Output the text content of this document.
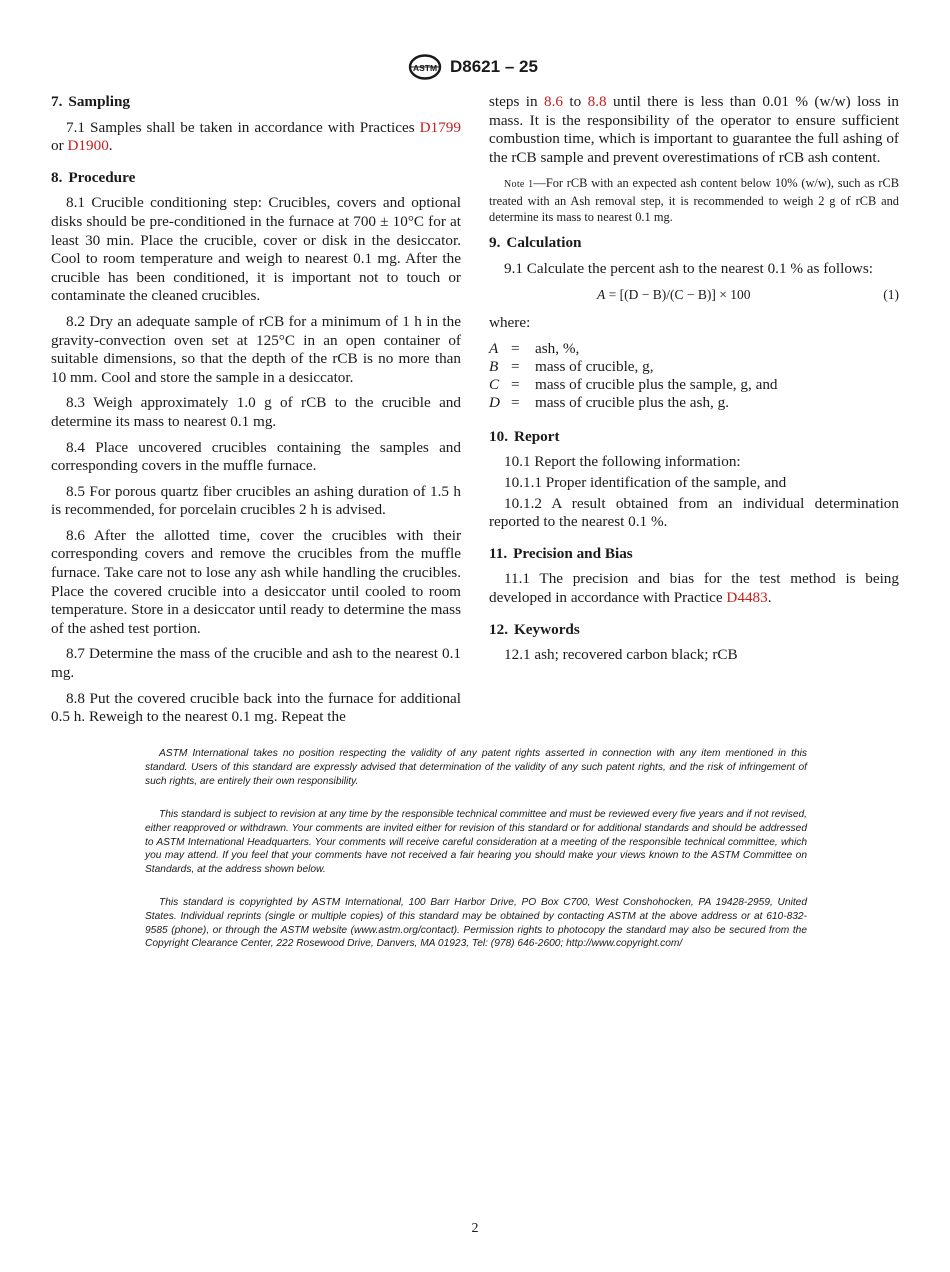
ASTM D8621 – 25
7. Sampling

7.1 Samples shall be taken in accordance with Practices D1799 or D1900.

8. Procedure

8.1 Crucible conditioning step: Crucibles, covers and optional disks should be pre-conditioned in the furnace at 700 ± 10°C for at least 30 min. Place the crucible, cover or disk in the desiccator. Cool to room temperature and weigh to nearest 0.1 mg. After the crucible has been conditioned, it is important not to touch or contaminate the cleaned crucibles.

8.2 Dry an adequate sample of rCB for a minimum of 1 h in the gravity-convection oven set at 125°C in an open container of suitable dimensions, so that the depth of the rCB is no more than 10 mm. Cool and store the sample in a desiccator.

8.3 Weigh approximately 1.0 g of rCB to the crucible and determine its mass to nearest 0.1 mg.

8.4 Place uncovered crucibles containing the samples and corresponding covers in the muffle furnace.

8.5 For porous quartz fiber crucibles an ashing duration of 1.5 h is recommended, for porcelain crucibles 2 h is advised.

8.6 After the allotted time, cover the crucibles with their corresponding covers and remove the crucibles from the muffle furnace. Take care not to lose any ash while handling the crucibles. Place the covered crucible into a desiccator until cooled to room temperature. Store in a desiccator until ready to determine the mass of the ashed test portion.

8.7 Determine the mass of the crucible and ash to the nearest 0.1 mg.

8.8 Put the covered crucible back into the furnace for additional 0.5 h. Reweigh to the nearest 0.1 mg. Repeat the

steps in 8.6 to 8.8 until there is less than 0.01 % (w/w) loss in mass. It is the responsibility of the operator to ensure sufficient combustion time, which is important to guarantee the full ashing of the rCB sample and prevent overestimations of rCB ash content.

Note 1—For rCB with an expected ash content below 10% (w/w), such as rCB treated with an Ash removal step, it is recommended to weigh 2 g of rCB and determine its mass to nearest 0.1 mg.
9. Calculation

9.1 Calculate the percent ash to the nearest 0.1 % as follows:

A = [(D − B)/(C − B)] × 100	(1)

where:

A =	ash, %,
B =	mass of crucible, g,
C =	mass of crucible plus the sample, g, and
D =	mass of crucible plus the ash, g.
10. Report

10.1 Report the following information:

10.1.1 Proper identification of the sample, and

10.1.2 A result obtained from an individual determination reported to the nearest 0.1 %.

11. Precision and Bias

11.1 The precision and bias for the test method is being developed in accordance with Practice D4483.

12. Keywords

12.1 ash; recovered carbon black; rCB

ASTM International takes no position respecting the validity of any patent rights asserted in connection with any item mentioned in this standard. Users of this standard are expressly advised that determination of the validity of any such patent rights, and the risk of infringement of such rights, are entirely their own responsibility.

This standard is subject to revision at any time by the responsible technical committee and must be reviewed every five years and if not revised, either reapproved or withdrawn. Your comments are invited either for revision of this standard or for additional standards and should be addressed to ASTM International Headquarters. Your comments will receive careful consideration at a meeting of the responsible technical committee, which you may attend. If you feel that your comments have not received a fair hearing you should make your views known to the ASTM Committee on Standards, at the address shown below.

This standard is copyrighted by ASTM International, 100 Barr Harbor Drive, PO Box C700, West Conshohocken, PA 19428-2959, United States. Individual reprints (single or multiple copies) of this standard may be obtained by contacting ASTM at the above address or at 610-832-9585 (phone), or through the ASTM website (www.astm.org/contact). Permission rights to photocopy the standard may also be secured from the Copyright Clearance Center, 222 Rosewood Drive, Danvers, MA 01923, Tel: (978) 646-2600; http://www.copyright.com/

2
